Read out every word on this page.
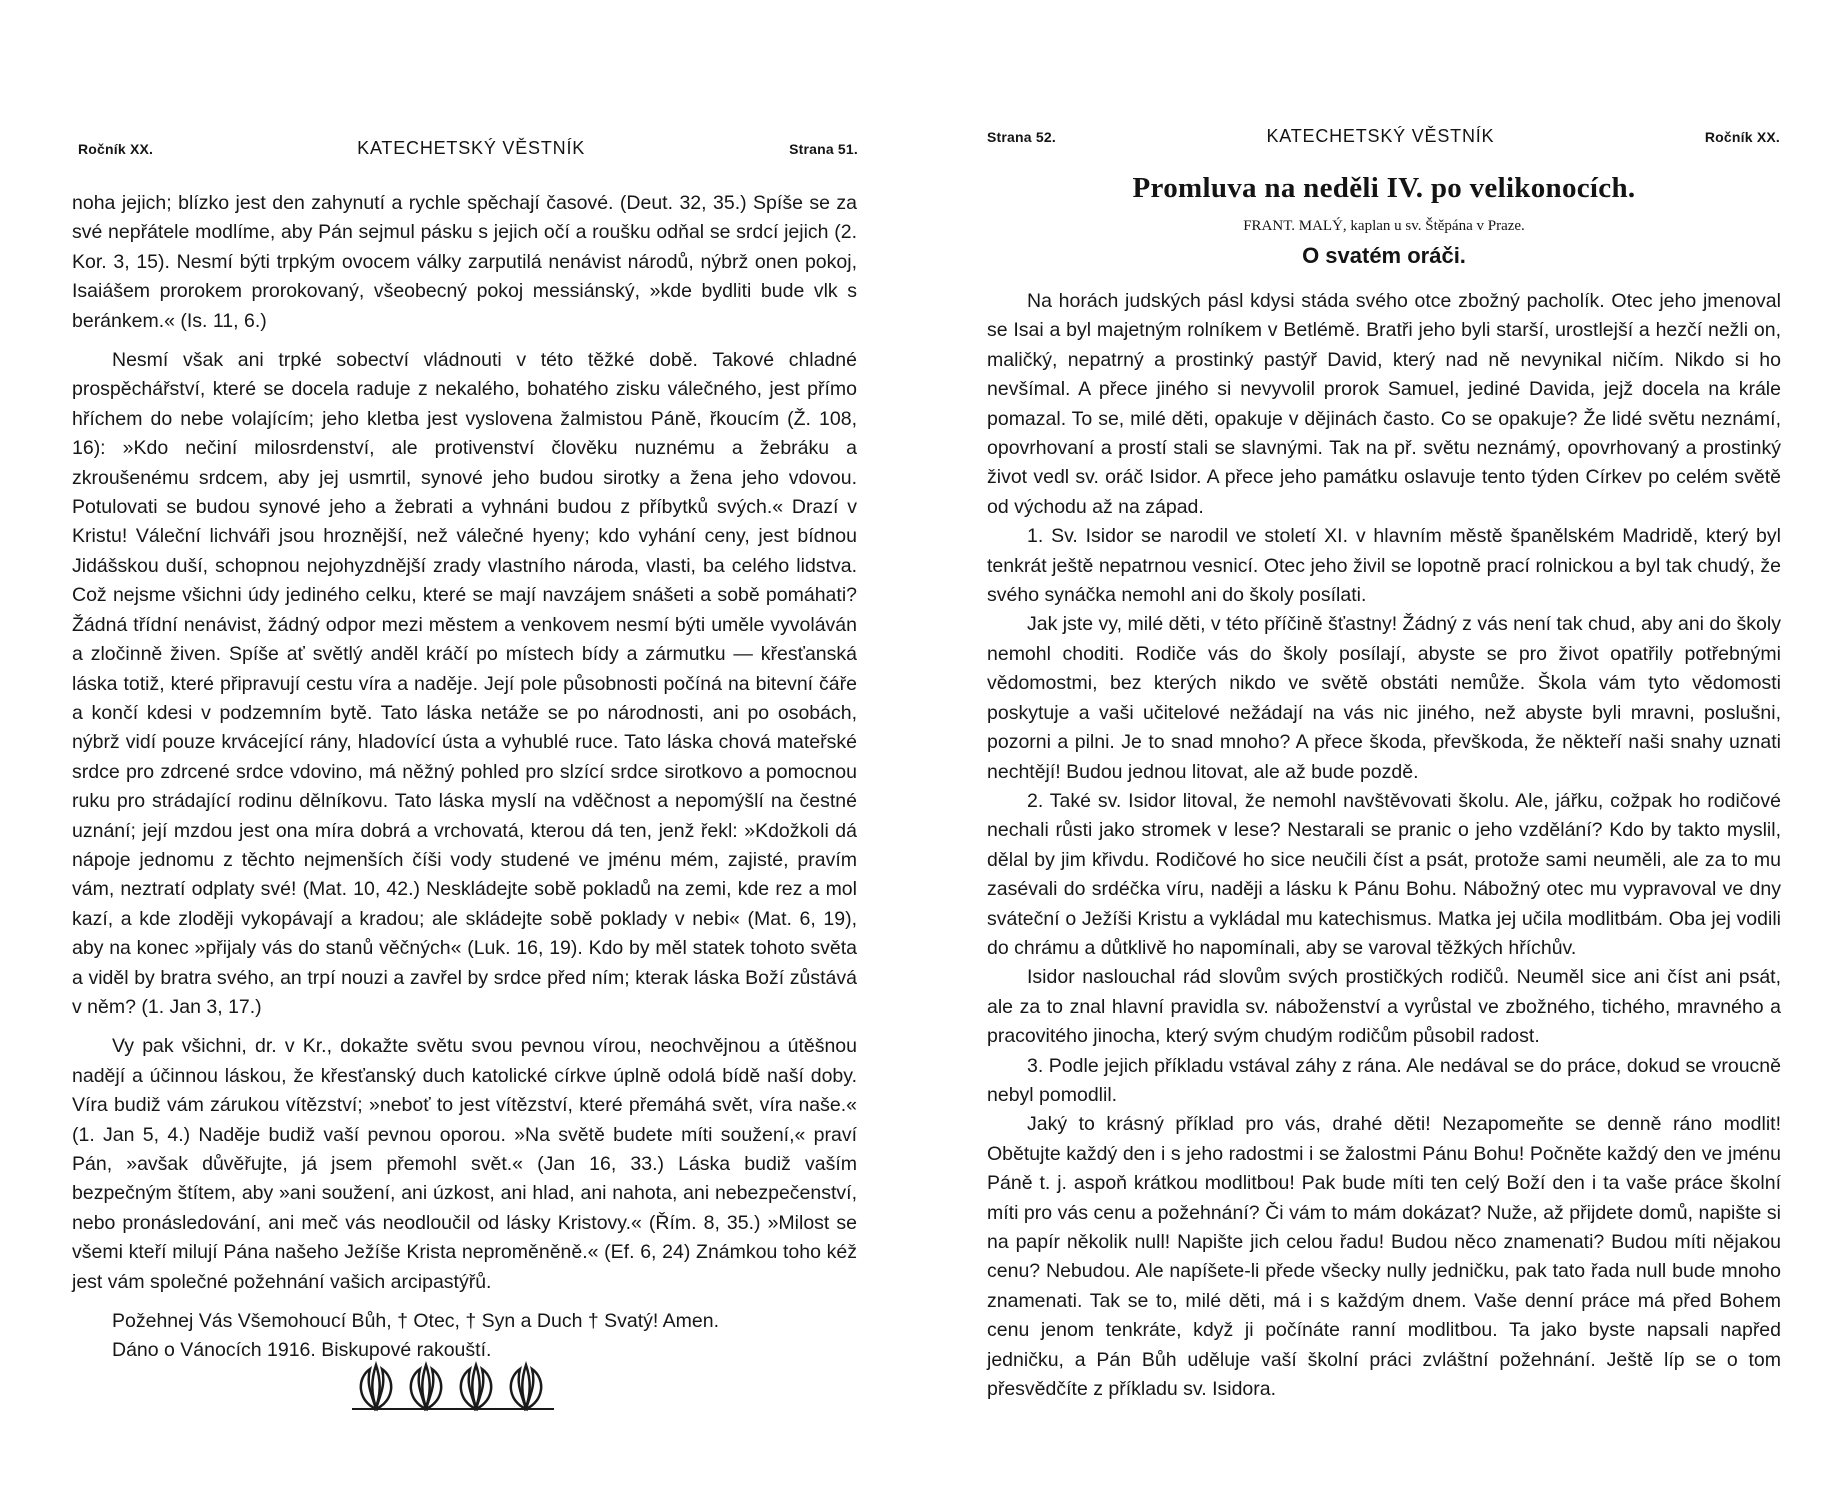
Ročník XX.	KATECHETSKÝ VĚSTNÍK	Strana 51.

noha jejich; blízko jest den zahynutí a rychle spěchají časové. (Deut. 32, 35.) Spíše se za své nepřátele modlíme, aby Pán sejmul pásku s jejich očí a roušku odňal se srdcí jejich (2. Kor. 3, 15). Nesmí býti trpkým ovocem války zarputilá nenávist národů, nýbrž onen pokoj, Isaiášem prorokem prorokovaný, všeobecný pokoj messiánský, »kde bydliti bude vlk s beránkem.« (Is. 11, 6.)

Nesmí však ani trpké sobectví vládnouti v této těžké době. Takové chladné prospěchářství, které se docela raduje z nekalého, bohatého zisku válečného, jest přímo hříchem do nebe volajícím; jeho kletba jest vyslovena žalmistou Páně, řkoucím (Ž. 108, 16): »Kdo nečiní milosrdenství, ale protivenství člověku nuznému a žebráku a zkroušenému srdcem, aby jej usmrtil, synové jeho budou sirotky a žena jeho vdovou. Potulovati se budou synové jeho a žebrati a vyhnáni budou z příbytků svých.« Drazí v Kristu! Váleční lichváři jsou hroznější, než válečné hyeny; kdo vyhání ceny, jest bídnou Jidášskou duší, schopnou nejohyzdnější zrady vlastního národa, vlasti, ba celého lidstva. Což nejsme všichni údy jediného celku, které se mají navzájem snášeti a sobě pomáhati? Žádná třídní nenávist, žádný odpor mezi městem a venkovem nesmí býti uměle vyvoláván a zločinně živen. Spíše ať světlý anděl kráčí po místech bídy a zármutku — křesťanská láska totiž, které připravují cestu víra a naděje. Její pole působnosti počíná na bitevní čáře a končí kdesi v podzemním bytě. Tato láska netáže se po národnosti, ani po osobách, nýbrž vidí pouze krvácející rány, hladovící ústa a vyhublé ruce. Tato láska chová mateřské srdce pro zdrcené srdce vdovino, má něžný pohled pro slzící srdce sirotkovo a pomocnou ruku pro strádající rodinu dělníkovu. Tato láska myslí na vděčnost a nepomýšlí na čestné uznání; její mzdou jest ona míra dobrá a vrchovatá, kterou dá ten, jenž řekl: »Kdožkoli dá nápoje jednomu z těchto nejmenších číši vody studené ve jménu mém, zajisté, pravím vám, neztratí odplaty své! (Mat. 10, 42.) Neskládejte sobě pokladů na zemi, kde rez a mol kazí, a kde zloději vykopávají a kradou; ale skládejte sobě poklady v nebi« (Mat. 6, 19), aby na konec »přijaly vás do stanů věčných« (Luk. 16, 19). Kdo by měl statek tohoto světa a viděl by bratra svého, an trpí nouzi a zavřel by srdce před ním; kterak láska Boží zůstává v něm? (1. Jan 3, 17.)

Vy pak všichni, dr. v Kr., dokažte světu svou pevnou vírou, neochvějnou a útěšnou nadějí a účinnou láskou, že křesťanský duch katolické církve úplně odolá bídě naší doby. Víra budiž vám zárukou vítězství; »neboť to jest vítězství, které přemáhá svět, víra naše.« (1. Jan 5, 4.) Naděje budiž vaší pevnou oporou. »Na světě budete míti soužení,« praví Pán, »avšak důvěřujte, já jsem přemohl svět.« (Jan 16, 33.) Láska budiž vaším bezpečným štítem, aby »ani soužení, ani úzkost, ani hlad, ani nahota, ani nebezpečenství, nebo pronásledování, ani meč vás neodloučil od lásky Kristovy.« (Řím. 8, 35.) »Milost se všemi kteří milují Pána našeho Ježíše Krista neproměněně.« (Ef. 6, 24) Známkou toho kéž jest vám společné požehnání vašich arcipastýřů.

Požehnej Vás Všemohoucí Bůh, † Otec, † Syn a Duch † Svatý! Amen.

Dáno o Vánocích 1916. Biskupové rakouští.

Strana 52.	KATECHETSKÝ VĚSTNÍK	Ročník XX.
Promluva na neděli IV. po velikonocích.
FRANT. MALÝ, kaplan u sv. Štěpána v Praze.
O svatém oráči.

Na horách judských pásl kdysi stáda svého otce zbožný pacholík. Otec jeho jmenoval se Isai a byl majetným rolníkem v Betlémě. Bratři jeho byli starší, urostlejší a hezčí nežli on, maličký, nepatrný a prostinký pastýř David, který nad ně nevynikal ničím. Nikdo si ho nevšímal. A přece jiného si nevyvolil prorok Samuel, jediné Davida, jejž docela na krále pomazal. To se, milé děti, opakuje v dějinách často. Co se opakuje? Že lidé světu neznámí, opovrhovaní a prostí stali se slavnými. Tak na př. světu neznámý, opovrhovaný a prostinký život vedl sv. oráč Isidor. A přece jeho památku oslavuje tento týden Církev po celém světě od východu až na západ.

1. Sv. Isidor se narodil ve století XI. v hlavním městě španělském Madridě, který byl tenkrát ještě nepatrnou vesnicí. Otec jeho živil se lopotně prací rolnickou a byl tak chudý, že svého synáčka nemohl ani do školy posílati.

Jak jste vy, milé děti, v této příčině šťastny! Žádný z vás není tak chud, aby ani do školy nemohl choditi. Rodiče vás do školy posílají, abyste se pro život opatřily potřebnými vědomostmi, bez kterých nikdo ve světě obstáti nemůže. Škola vám tyto vědomosti poskytuje a vaši učitelové nežádají na vás nic jiného, než abyste byli mravni, poslušni, pozorni a pilni. Je to snad mnoho? A přece škoda, převškoda, že někteří naši snahy uznati nechtějí! Budou jednou litovat, ale až bude pozdě.

2. Také sv. Isidor litoval, že nemohl navštěvovati školu. Ale, jářku, cožpak ho rodičové nechali růsti jako stromek v lese? Nestarali se pranic o jeho vzdělání? Kdo by takto myslil, dělal by jim křivdu. Rodičové ho sice neučili číst a psát, protože sami neuměli, ale za to mu zasévali do srdéčka víru, naději a lásku k Pánu Bohu. Nábožný otec mu vypravoval ve dny sváteční o Ježíši Kristu a vykládal mu katechismus. Matka jej učila modlitbám. Oba jej vodili do chrámu a důtklivě ho napomínali, aby se varoval těžkých hříchův.

Isidor naslouchal rád slovům svých prostičkých rodičů. Neuměl sice ani číst ani psát, ale za to znal hlavní pravidla sv. náboženství a vyrůstal ve zbožného, tichého, mravného a pracovitého jinocha, který svým chudým rodičům působil radost.

3. Podle jejich příkladu vstával záhy z rána. Ale nedával se do práce, dokud se vroucně nebyl pomodlil.

Jaký to krásný příklad pro vás, drahé děti! Nezapomeňte se denně ráno modlit! Obětujte každý den i s jeho radostmi i se žalostmi Pánu Bohu! Počněte každý den ve jménu Páně t. j. aspoň krátkou modlitbou! Pak bude míti ten celý Boží den i ta vaše práce školní míti pro vás cenu a požehnání? Či vám to mám dokázat? Nuže, až přijdete domů, napište si na papír několik null! Napište jich celou řadu! Budou něco znamenati? Budou míti nějakou cenu? Nebudou. Ale napíšete-li přede všecky nully jedničku, pak tato řada null bude mnoho znamenati. Tak se to, milé děti, má i s každým dnem. Vaše denní práce má před Bohem cenu jenom tenkráte, když ji počínáte ranní modlitbou. Ta jako byste napsali napřed jedničku, a Pán Bůh uděluje vaší školní práci zvláštní požehnání. Ještě líp se o tom přesvědčíte z příkladu sv. Isidora.
